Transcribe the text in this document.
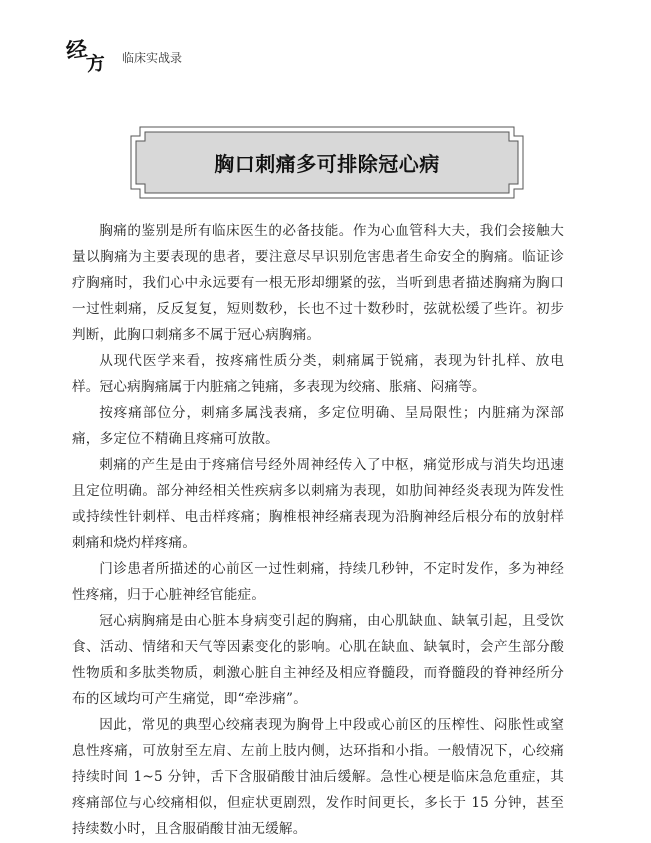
经
方 临床实战录
胸口刺痛多可排除冠心病

胸痛的鉴别是所有临床医生的必备技能。作为心血管科大夫，我们会接触大量以胸痛为主要表现的患者，要注意尽早识别危害患者生命安全的胸痛。临证诊疗胸痛时，我们心中永远要有一根无形却绷紧的弦，当听到患者描述胸痛为胸口一过性刺痛，反反复复，短则数秒，长也不过十数秒时，弦就松缓了些许。初步判断，此胸口刺痛多不属于冠心病胸痛。

从现代医学来看，按疼痛性质分类，刺痛属于锐痛，表现为针扎样、放电样。冠心病胸痛属于内脏痛之钝痛，多表现为绞痛、胀痛、闷痛等。

按疼痛部位分，刺痛多属浅表痛，多定位明确、呈局限性；内脏痛为深部痛，多定位不精确且疼痛可放散。

刺痛的产生是由于疼痛信号经外周神经传入了中枢，痛觉形成与消失均迅速且定位明确。部分神经相关性疾病多以刺痛为表现，如肋间神经炎表现为阵发性或持续性针刺样、电击样疼痛；胸椎根神经痛表现为沿胸神经后根分布的放射样刺痛和烧灼样疼痛。

门诊患者所描述的心前区一过性刺痛，持续几秒钟，不定时发作，多为神经性疼痛，归于心脏神经官能症。

冠心病胸痛是由心脏本身病变引起的胸痛，由心肌缺血、缺氧引起，且受饮食、活动、情绪和天气等因素变化的影响。心肌在缺血、缺氧时，会产生部分酸性物质和多肽类物质，刺激心脏自主神经及相应脊髓段，而脊髓段的脊神经所分布的区域均可产生痛觉，即“牵涉痛”。

因此，常见的典型心绞痛表现为胸骨上中段或心前区的压榨性、闷胀性或窒息性疼痛，可放射至左肩、左前上肢内侧，达环指和小指。一般情况下，心绞痛持续时间 1~5 分钟，舌下含服硝酸甘油后缓解。急性心梗是临床急危重症，其疼痛部位与心绞痛相似，但症状更剧烈，发作时间更长，多长于 15 分钟，甚至持续数小时，且含服硝酸甘油无缓解。
